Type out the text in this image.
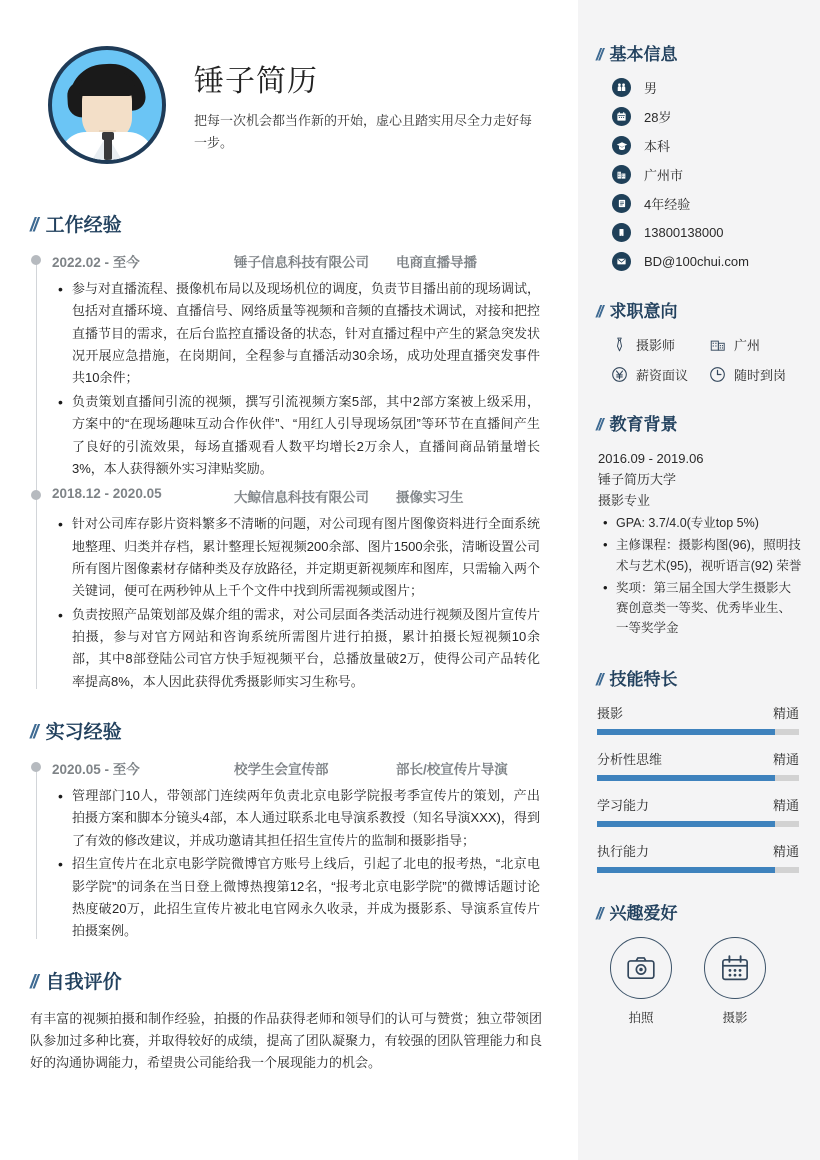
锤子简历
把每一次机会都当作新的开始，虚心且踏实用尽全力走好每一步。
// 工作经验
2022.02 - 至今	锤子信息科技有限公司	电商直播导播
• 参与对直播流程、摄像机布局以及现场机位的调度，负责节目播出前的现场调试，包括对直播环境、直播信号、网络质量等视频和音频的直播技术调试，对接和把控直播节目的需求，在后台监控直播设备的状态，针对直播过程中产生的紧急突发状况开展应急措施，在岗期间，全程参与直播活动30余场，成功处理直播突发事件共10余件；
• 负责策划直播间引流的视频，撰写引流视频方案5部，其中2部方案被上级采用，方案中的“在现场趣味互动合作伙伴”、“用红人引导现场氛团”等环节在直播间产生了良好的引流效果，每场直播观看人数平均增长2万余人，直播间商品销量增长3%，本人获得额外实习津贴奖励。
2018.12 - 2020.05	大鲸信息科技有限公司	摄像实习生
• 针对公司库存影片资料繁多不清晰的问题，对公司现有图片图像资料进行全面系统地整理、归类并存档，累计整理长短视频200余部、图片1500余张，清晰设置公司所有图片图像素材存储种类及存放路径，并定期更新视频库和图库，只需输入两个关键词，便可在两秒钟从上千个文件中找到所需视频或图片；
• 负责按照产品策划部及媒介组的需求，对公司层面各类活动进行视频及图片宣传片拍摄，参与对官方网站和咨询系统所需图片进行拍摄，累计拍摄长短视频10余部，其中8部登陆公司官方快手短视频平台，总播放量破2万，使得公司产品转化率提高8%，本人因此获得优秀摄影师实习生称号。
// 实习经验
2020.05 - 至今	校学生会宣传部	部长/校宣传片导演
• 管理部门10人，带领部门连续两年负责北京电影学院报考季宣传片的策划，产出拍摄方案和脚本分镜头4部，本人通过联系北电导演系教授（知名导演XXX)，得到了有效的修改建议，并成功邀请其担任招生宣传片的监制和摄影指导；
• 招生宣传片在北京电影学院微博官方账号上线后，引起了北电的报考热，“北京电影学院”的词条在当日登上微博热搜第12名，“报考北京电影学院”的微博话题讨论热度破20万，此招生宣传片被北电官网永久收录，并成为摄影系、导演系宣传片拍摄案例。
// 自我评价
有丰富的视频拍摄和制作经验，拍摄的作品获得老师和领导们的认可与赞赏；独立带领团队参加过多种比赛，并取得较好的成绩，提高了团队凝聚力，有较强的团队管理能力和良好的沟通协调能力，希望贵公司能给我一个展现能力的机会。
// 基本信息
男
28岁
本科
广州市
4年经验
13800138000
BD@100chui.com
// 求职意向
摄影师	广州
薪资面议	随时到岗
// 教育背景
2016.09 - 2019.06
锤子简历大学
摄影专业
• GPA: 3.7/4.0(专业top 5%)
• 主修课程：摄影构图(96)，照明技术与艺术(95)，视听语言(92) 荣誉
• 奖项：第三届全国大学生摄影大赛创意类一等奖、优秀毕业生、一等奖学金
// 技能特长
摄影	精通
分析性思维	精通
学习能力	精通
执行能力	精通
// 兴趣爱好
拍照	摄影
